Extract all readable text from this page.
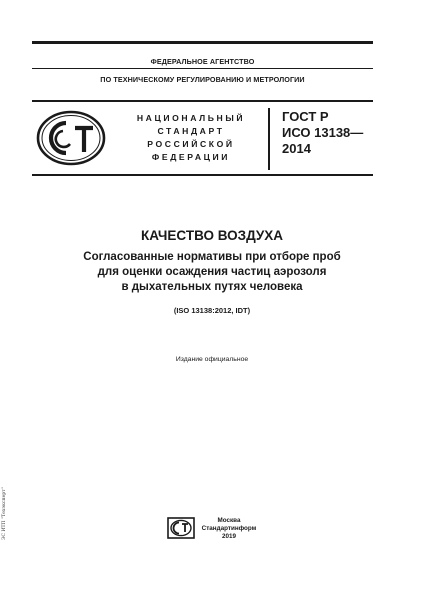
ФЕДЕРАЛЬНОЕ АГЕНТСТВО
ПО ТЕХНИЧЕСКОМУ РЕГУЛИРОВАНИЮ И МЕТРОЛОГИИ
НАЦИОНАЛЬНЫЙ
СТАНДАРТ
РОССИЙСКОЙ
ФЕДЕРАЦИИ
ГОСТ Р
ИСО 13138—
2014
КАЧЕСТВО ВОЗДУХА
Согласованные нормативы при отборе проб
для оценки осаждения частиц аэрозоля
в дыхательных путях человека
(ISO 13138:2012, IDT)
Издание официальное
Москва
Стандартинформ
2019
ЭС ИТП "Техэксперт"
